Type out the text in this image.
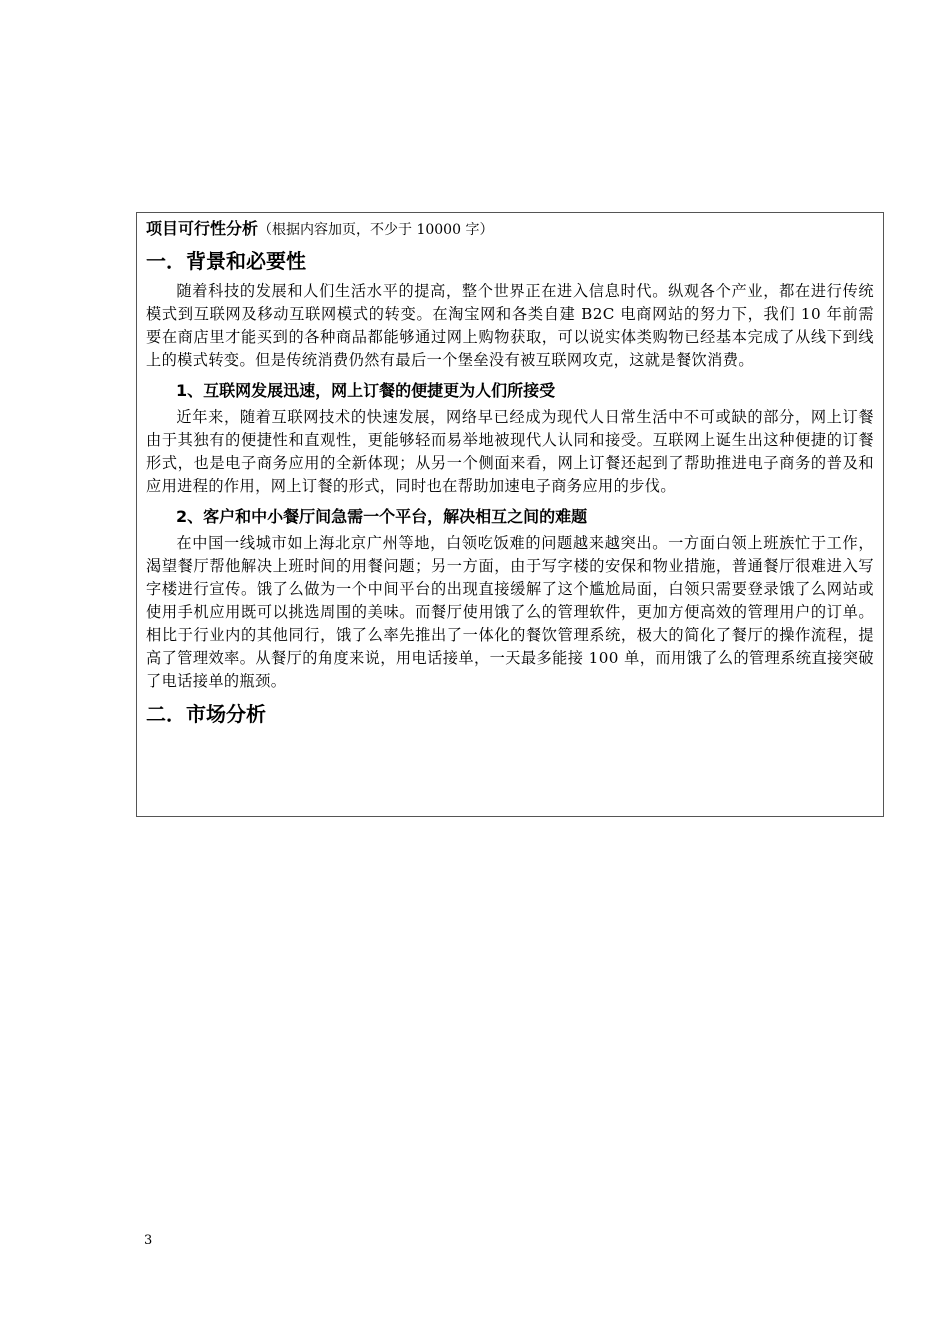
项目可行性分析（根据内容加页，不少于 10000 字）
一．背景和必要性

随着科技的发展和人们生活水平的提高，整个世界正在进入信息时代。纵观各个产业，都在进行传统模式到互联网及移动互联网模式的转变。在淘宝网和各类自建 B2C 电商网站的努力下，我们 10 年前需要在商店里才能买到的各种商品都能够通过网上购物获取，可以说实体类购物已经基本完成了从线下到线上的模式转变。但是传统消费仍然有最后一个堡垒没有被互联网攻克，这就是餐饮消费。

1、互联网发展迅速，网上订餐的便捷更为人们所接受

近年来，随着互联网技术的快速发展，网络早已经成为现代人日常生活中不可或缺的部分，网上订餐由于其独有的便捷性和直观性，更能够轻而易举地被现代人认同和接受。互联网上诞生出这种便捷的订餐形式，也是电子商务应用的全新体现；从另一个侧面来看，网上订餐还起到了帮助推进电子商务的普及和应用进程的作用，网上订餐的形式，同时也在帮助加速电子商务应用的步伐。

2、客户和中小餐厅间急需一个平台，解决相互之间的难题

在中国一线城市如上海北京广州等地，白领吃饭难的问题越来越突出。一方面白领上班族忙于工作，渴望餐厅帮他解决上班时间的用餐问题；另一方面，由于写字楼的安保和物业措施，普通餐厅很难进入写字楼进行宣传。饿了么做为一个中间平台的出现直接缓解了这个尴尬局面，白领只需要登录饿了么网站或使用手机应用既可以挑选周围的美味。而餐厅使用饿了么的管理软件，更加方便高效的管理用户的订单。相比于行业内的其他同行，饿了么率先推出了一体化的餐饮管理系统，极大的简化了餐厅的操作流程，提高了管理效率。从餐厅的角度来说，用电话接单，一天最多能接 100 单，而用饿了么的管理系统直接突破了电话接单的瓶颈。

二．市场分析
3
